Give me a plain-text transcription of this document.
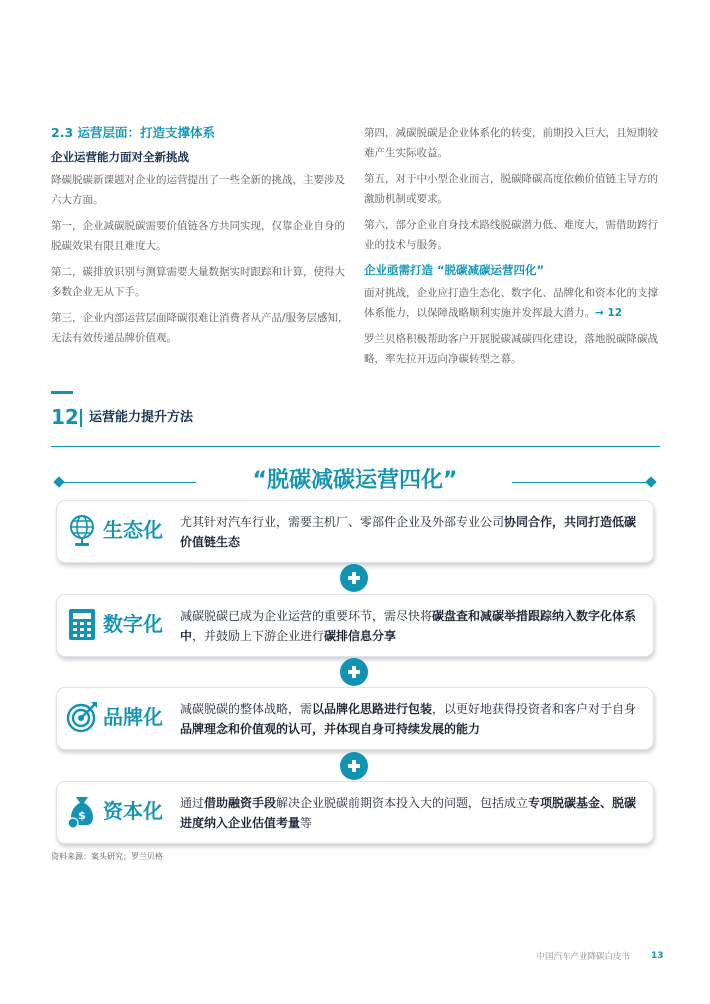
2.3 运营层面：打造支撑体系
企业运营能力面对全新挑战

降碳脱碳新课题对企业的运营提出了一些全新的挑战，主要涉及六大方面。

第一，企业减碳脱碳需要价值链各方共同实现，仅靠企业自身的脱碳效果有限且难度大。

第二，碳排放识别与测算需要大量数据实时跟踪和计算，使得大多数企业无从下手。

第三，企业内部运营层面降碳很难让消费者从产品/服务层感知，无法有效传递品牌价值观。

第四，减碳脱碳是企业体系化的转变，前期投入巨大，且短期较难产生实际收益。

第五，对于中小型企业而言，脱碳降碳高度依赖价值链主导方的激励机制或要求。

第六，部分企业自身技术路线脱碳潜力低、难度大，需借助跨行业的技术与服务。

企业亟需打造 “脱碳减碳运营四化”

面对挑战，企业应打造生态化、数字化、品牌化和资本化的支撑体系能力，以保障战略顺利实施并发挥最大潜力。→ 12

罗兰贝格积极帮助客户开展脱碳减碳四化建设，落地脱碳降碳战略，率先拉开迈向净碳转型之幕。

12 运营能力提升方法
“脱碳减碳运营四化”
生态化 尤其针对汽车行业，需要主机厂、零部件企业及外部专业公司协同合作，共同打造低碳价值链生态
数字化 减碳脱碳已成为企业运营的重要环节，需尽快将碳盘查和减碳举措跟踪纳入数字化体系中，并鼓励上下游企业进行碳排信息分享
品牌化 减碳脱碳的整体战略，需以品牌化思路进行包装，以更好地获得投资者和客户对于自身品牌理念和价值观的认可，并体现自身可持续发展的能力
$ 资本化 通过借助融资手段解决企业脱碳前期资本投入大的问题，包括成立专项脱碳基金、脱碳进度纳入企业估值考量等
资料来源：案头研究；罗兰贝格
中国汽车产业降碳白皮书 13
